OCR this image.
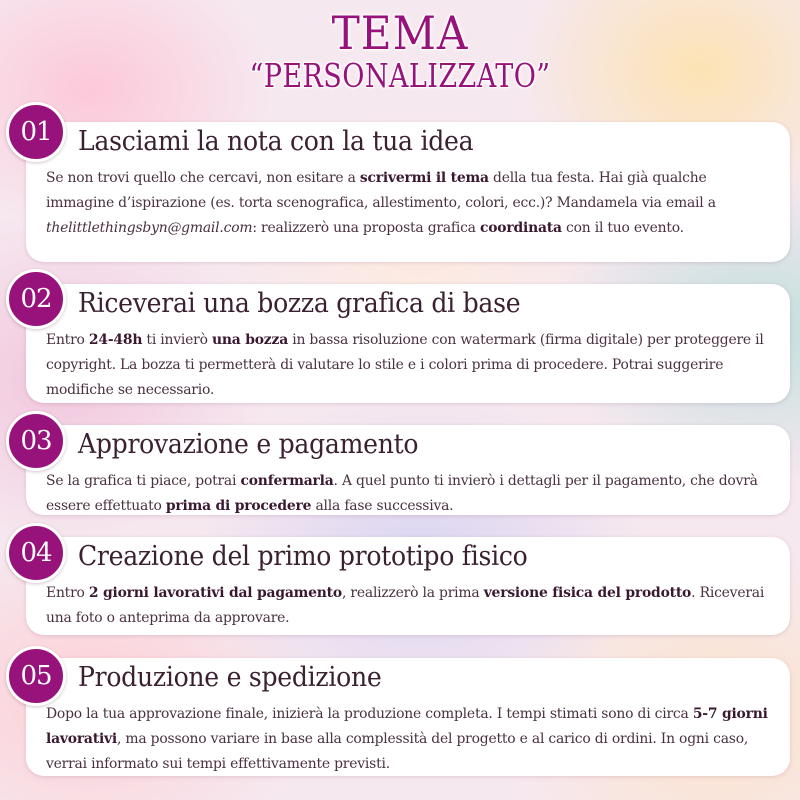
TEMA
“PERSONALIZZATO”
Lasciami la nota con la tua idea
Se non trovi quello che cercavi, non esitare a scrivermi il tema della tua festa. Hai già qualche immagine d’ispirazione (es. torta scenografica, allestimento, colori, ecc.)? Mandamela via email a thelittlethingsbyn@gmail.com: realizzerò una proposta grafica coordinata con il tuo evento.
01
Riceverai una bozza grafica di base
Entro 24-48h ti invierò una bozza in bassa risoluzione con watermark (firma digitale) per proteggere il copyright. La bozza ti permetterà di valutare lo stile e i colori prima di procedere. Potrai suggerire modifiche se necessario.
02
Approvazione e pagamento
Se la grafica ti piace, potrai confermarla. A quel punto ti invierò i dettagli per il pagamento, che dovrà essere effettuato prima di procedere alla fase successiva.
03
Creazione del primo prototipo fisico
Entro 2 giorni lavorativi dal pagamento, realizzerò la prima versione fisica del prodotto. Riceverai una foto o anteprima da approvare.
04
Produzione e spedizione
Dopo la tua approvazione finale, inizierà la produzione completa. I tempi stimati sono di circa 5-7 giorni lavorativi, ma possono variare in base alla complessità del progetto e al carico di ordini. In ogni caso, verrai informato sui tempi effettivamente previsti.
05
